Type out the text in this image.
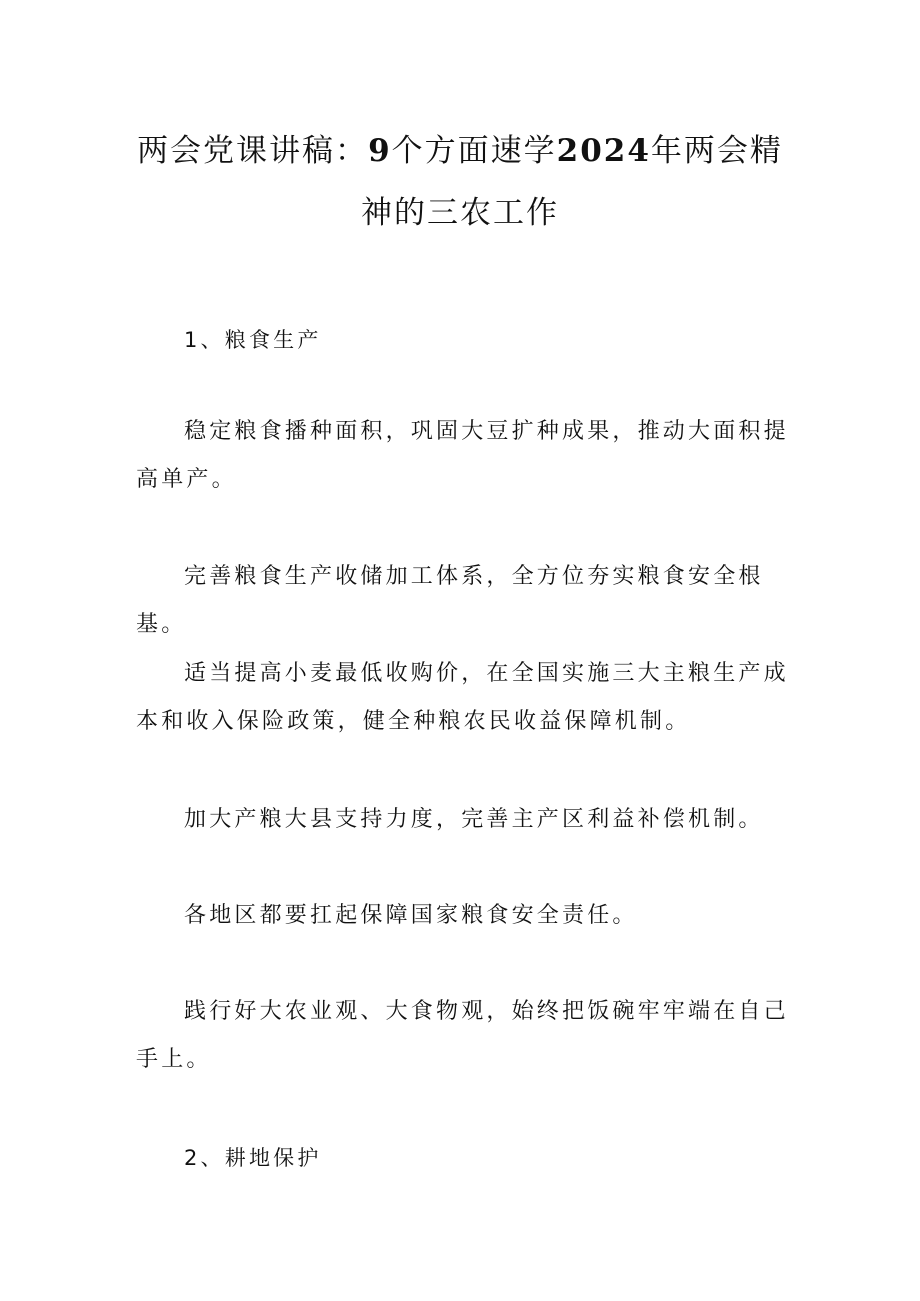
两会党课讲稿：9个方面速学2024年两会精神的三农工作

1、粮食生产

稳定粮食播种面积，巩固大豆扩种成果，推动大面积提高单产。

完善粮食生产收储加工体系，全方位夯实粮食安全根基。

适当提高小麦最低收购价，在全国实施三大主粮生产成本和收入保险政策，健全种粮农民收益保障机制。

加大产粮大县支持力度，完善主产区利益补偿机制。

各地区都要扛起保障国家粮食安全责任。

践行好大农业观、大食物观，始终把饭碗牢牢端在自己手上。

2、耕地保护
